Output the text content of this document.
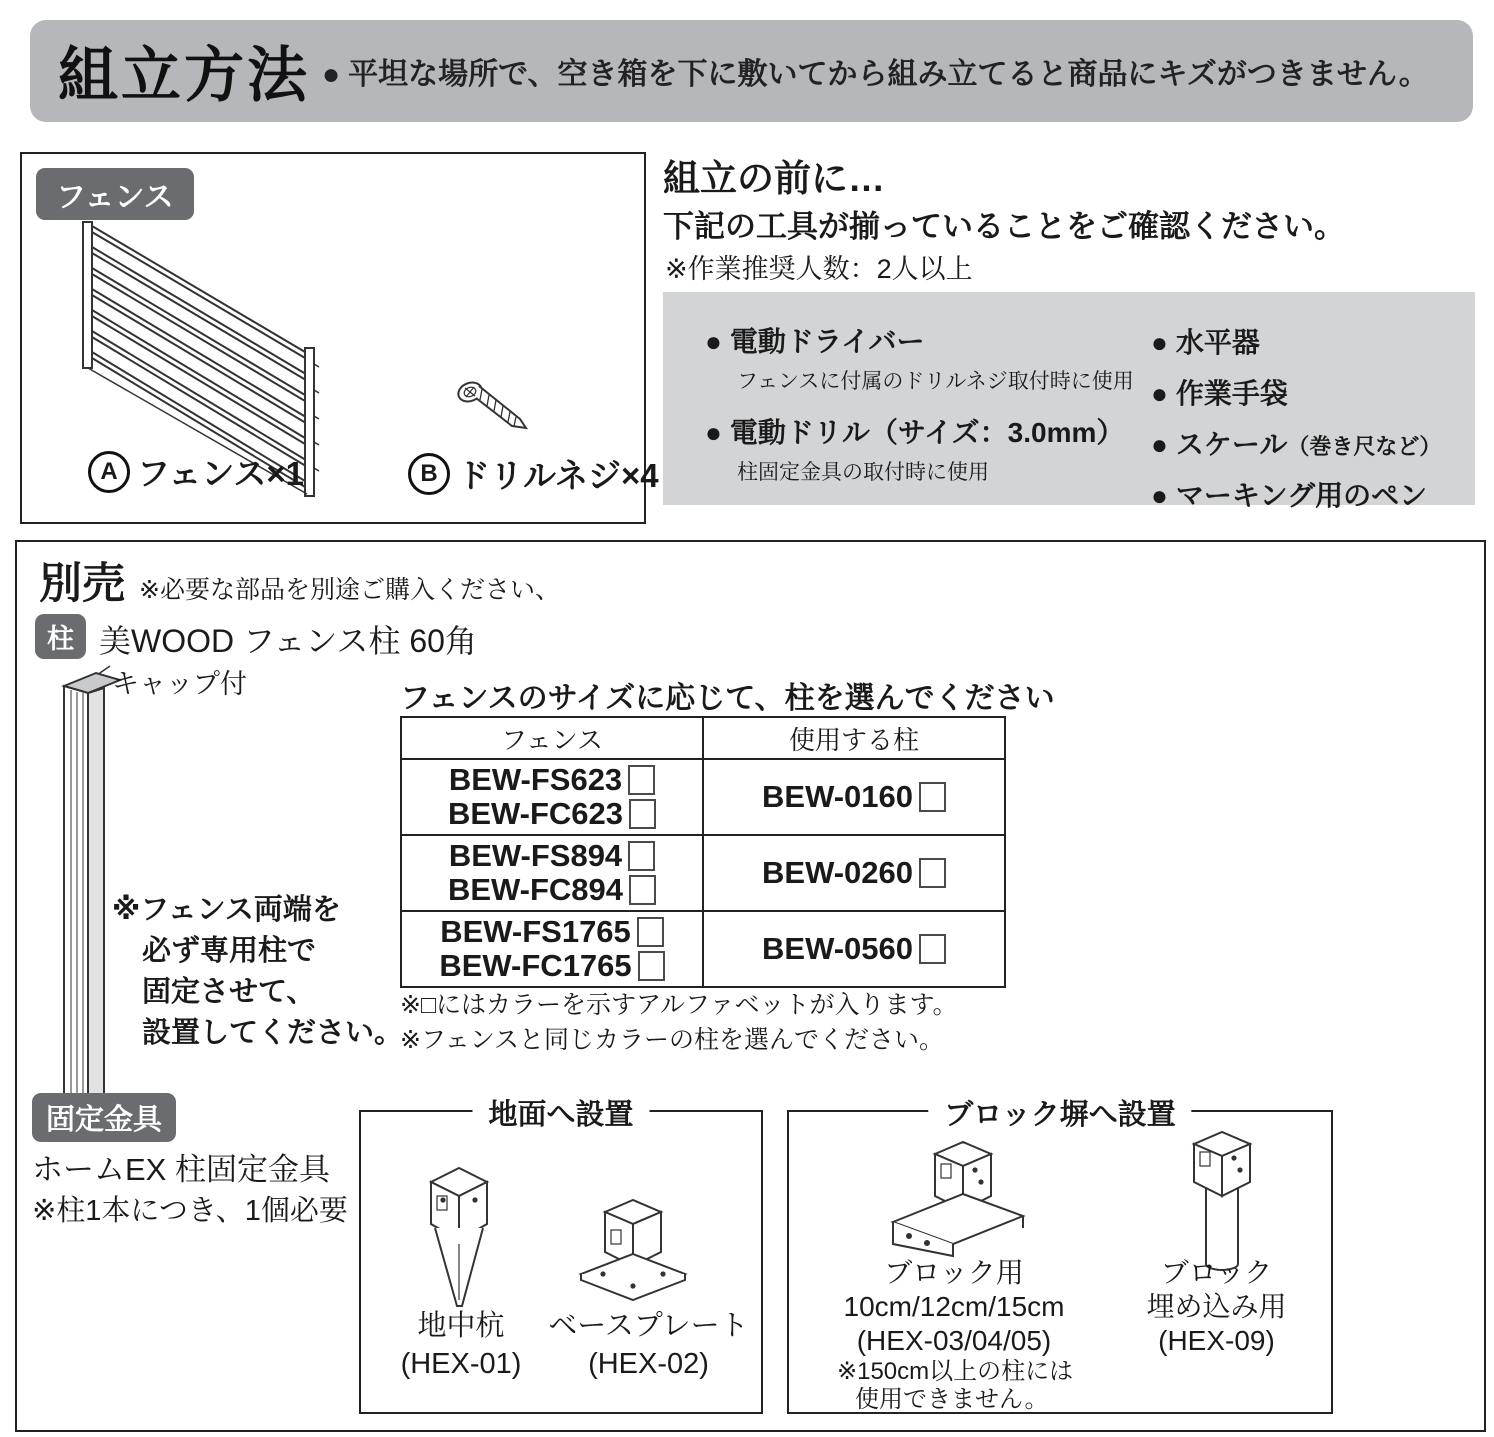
組立方法 ● 平坦な場所で、空き箱を下に敷いてから組み立てると商品にキズがつきません。
フェンス
A フェンス×1	B ドリルネジ×4
組立の前に…
下記の工具が揃っていることをご確認ください。
※作業推奨人数：2人以上
● 電動ドライバー
フェンスに付属のドリルネジ取付時に使用
● 電動ドリル（サイズ：3.0mm）
柱固定金具の取付時に使用
● 水平器
● 作業手袋
● スケール（巻き尺など）
● マーキング用のペン
別売 ※必要な部品を別途ご購入ください、
柱 美WOOD フェンス柱 60角
キャップ付
※フェンス両端を
必ず専用柱で
固定させて、
設置してください。
フェンスのサイズに応じて、柱を選んでください
フェンス	使用する柱
BEW-FS623
BEW-FC623	BEW-0160
BEW-FS894
BEW-FC894	BEW-0260
BEW-FS1765
BEW-FC1765	BEW-0560
※□にはカラーを示すアルファベットが入ります。
※フェンスと同じカラーの柱を選んでください。
固定金具
ホームEX 柱固定金具
※柱1本につき、1個必要
地面へ設置
地中杭
(HEX-01)
ベースプレート
(HEX-02)
ブロック塀へ設置
ブロック用
10cm/12cm/15cm
(HEX-03/04/05)
ブロック
埋め込み用
(HEX-09)
※150cm以上の柱には
使用できません。
